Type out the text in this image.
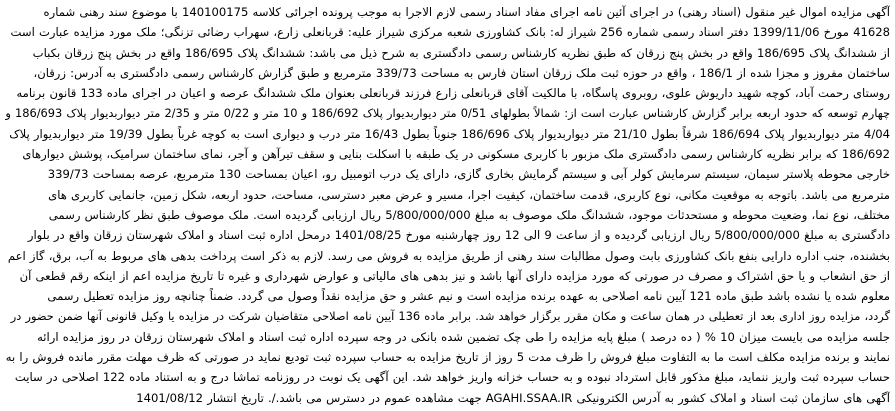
آگهی مزایده اموال غیر منقول (اسناد رهنی) در اجرای آئین نامه اجرای مفاد اسناد رسمی لازم الاجرا به موجب پرونده اجرائی کلاسه 140100175 با موضوع سند رهنی شماره
41628 مورخ 1399/11/06 دفتر اسناد رسمی شماره 256 شیراز له: بانک کشاورزی شعبه مرکزی شیراز علیه: قربانعلی زارع، سهراب رضائی تزنگی؛ ملک مورد مزایده عبارت است
از ششدانگ پلاک 186/695 واقع در بخش پنج زرقان که طبق نظریه کارشناس رسمی دادگستری به شرح ذیل می باشد: ششدانگ پلاک 186/695 واقع در بخش پنج زرقان بکباب
ساختمان مفروز و مجزا شده از 186/1 ، واقع در حوزه ثبت ملک زرقان استان فارس به مساحت 339/73 مترمربع و طبق گزارش کارشناس رسمی دادگستری به آدرس: زرقان،
روستای رحمت آباد، کوچه شهید داریوش علوی، روبروی پاسگاه، با مالکیت آقای قربانعلی زارع فرزند قربانعلی بعنوان ملک ششدانگ عرصه و اعیان در اجرای ماده 133 قانون برنامه
چهارم توسعه که حدود اربعه برابر گزارش کارشناس عبارت است از: شمالاً بطولهای 0/51 متر دیواربدیوار پلاک 186/692 و 10 متر و 0/22 متر و 2/35 متر دیواربدیوار پلاک 186/693 و
4/04 متر دیواربدیوار پلاک 186/694 شرقاً بطول 21/10 متر دیواربدیوار پلاک 186/696 جنوباً بطول 16/43 متر درب و دیواری است به کوچه غرباً بطول 19/39 متر دیواربدیوار پلاک
186/692 که برابر نظریه کارشناس رسمی دادگستری ملک مزبور با کاربری مسکونی در یک طبقه با اسکلت بنایی و سقف تیرآهن و آجر، نمای ساختمان سرامیک، پوشش دیوارهای
خارجی محوطه پلاستر سیمان، سیستم سرمایش کولر آبی و سیستم گرمایش بخاری گازی، دارای یک درب اتومبیل رو، اعیان بمساحت 130 مترمربع، عرصه بمساحت 339/73
مترمربع می باشد. باتوجه به موقعیت مکانی، نوع کاربری، قدمت ساختمان، کیفیت اجرا، مسیر و عرض معبر دسترسی، مساحت، حدود اربعه، شکل زمین، جانمایی کاربری های
مختلف، نوع نما، وضعیت محوطه و مستحدثات موجود، ششدانگ ملک موصوف به مبلغ 5/800/000/000 ریال ارزیابی گردیده است. ملک موصوف طبق نظر کارشناس رسمی
دادگستری به مبلغ 5/800/000/000 ریال ارزیابی گردیده و از ساعت 9 الی 12 روز چهارشنبه مورخ 1401/08/25 درمحل اداره ثبت اسناد و املاک شهرستان زرقان واقع در بلوار
بخشنده، جنب اداره دارایی بنفع بانک کشاورزی بابت وصول مطالبات سند رهنی از طریق مزایده به فروش می رسد. لازم به ذکر است پرداخت بدهی های مربوط به آب، برق، گاز اعم
از حق انشعاب و یا حق اشتراک و مصرف در صورتی که مورد مزایده دارای آنها باشد و نیز بدهی های مالیاتی و عوارض شهرداری و غیره تا تاریخ مزایده اعم از اینکه رقم قطعی آن
معلوم شده یا نشده باشد طبق ماده 121 آیین نامه اصلاحی به عهده برنده مزایده است و نیم عشر و حق مزایده نقداً وصول می گردد. ضمناً چنانچه روز مزایده تعطیل رسمی
گردد، مزایده روز اداری بعد از تعطیلی در همان ساعت و مکان مقرر برگزار خواهد شد. برابر ماده 136 آیین نامه اصلاحی متقاضیان شرکت در مزایده یا وکیل قانونی آنها ضمن حضور در
جلسه مزایده می بایست میزان 10 % ( ده درصد ) مبلغ پایه مزایده را طی چک تضمین شده بانکی در وجه سپرده اداره ثبت اسناد و املاک شهرستان زرقان در روز مزایده ارائه
نمایند و برنده مزایده مکلف است ما به التفاوت مبلغ فروش را ظرف مدت 5 روز از تاریخ مزایده به حساب سپرده ثبت تودیع نماید در صورتی که ظرف مهلت مقرر مانده فروش را به
حساب سپرده ثبت واریز ننماید، مبلغ مذکور قابل استرداد نبوده و به حساب خزانه واریز خواهد شد. این آگهی یک نوبت در روزنامه تماشا درج و به استناد ماده 122 اصلاحی در سایت
آگهی های سازمان ثبت اسناد و املاک کشور به آدرس الکترونیکی AGAHI.SSAA.IR جهت مشاهده عموم در دسترس می باشد./. تاریخ انتشار 1401/08/12
